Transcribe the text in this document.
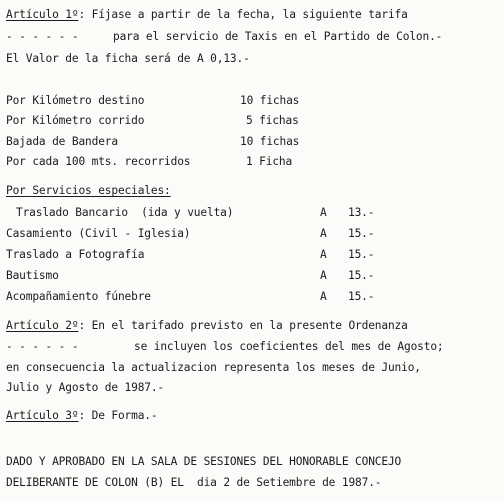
Artículo 1º: Fíjase a partir de la fecha, la siguiente tarifa
- - - - - -	para el servicio de Taxis en el Partido de Colon.-
El Valor de la ficha será de A 0,13.-
Por Kilómetro destino	10 fichas
Por Kilómetro corrido	5 fichas
Bajada de Bandera	10 fichas
Por cada 100 mts. recorridos	1 Ficha
Por Servicios especiales:
Traslado Bancario  (ida y vuelta)	A 13.-
Casamiento (Civil - Iglesia)	A 15.-
Traslado a Fotografía	A 15.-
Bautismo	A 15.-
Acompañamiento fúnebre	A 15.-
Artículo 2º: En el tarifado previsto en la presente Ordenanza
- - - - - -	se incluyen los coeficientes del mes de Agosto;
en consecuencia la actualizacion representa los meses de Junio,
Julio y Agosto de 1987.-
Artículo 3º: De Forma.-
DADO Y APROBADO EN LA SALA DE SESIONES DEL HONORABLE CONCEJO
DELIBERANTE DE COLON (B) EL  dia 2 de Setiembre de 1987.-
